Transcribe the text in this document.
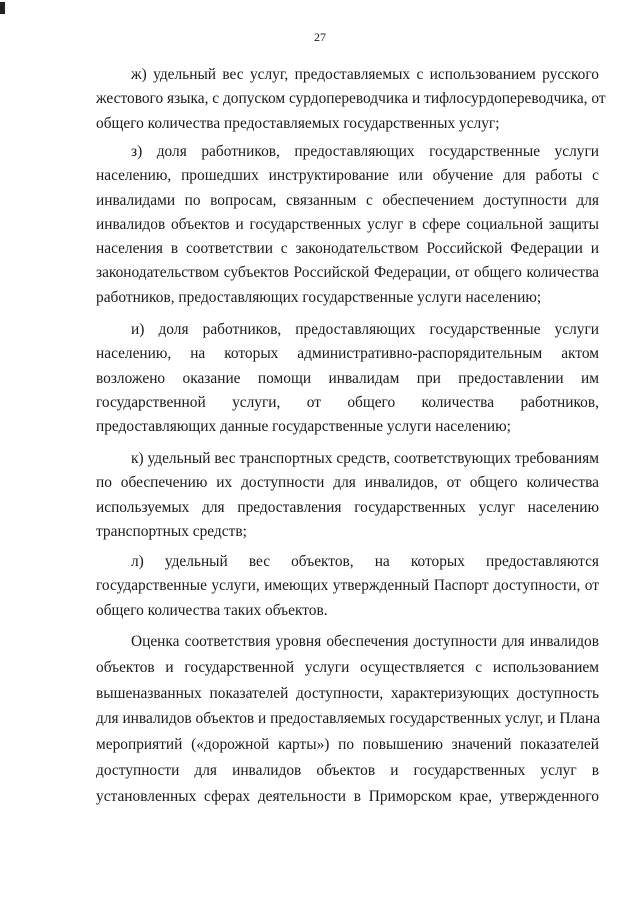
27
ж) удельный вес услуг, предоставляемых с использованием русского
жестового языка, с допуском сурдопереводчика и тифлосурдопереводчика, от
общего количества предоставляемых государственных услуг;
з) доля работников, предоставляющих государственные услуги
населению, прошедших инструктирование или обучение для работы с
инвалидами по вопросам, связанным с обеспечением доступности для
инвалидов объектов и государственных услуг в сфере социальной защиты
населения в соответствии с законодательством Российской Федерации и
законодательством субъектов Российской Федерации, от общего количества
работников, предоставляющих государственные услуги населению;
и) доля работников, предоставляющих государственные услуги
населению, на которых административно-распорядительным актом
возложено оказание помощи инвалидам при предоставлении им
государственной услуги, от общего количества работников,
предоставляющих данные государственные услуги населению;
к) удельный вес транспортных средств, соответствующих требованиям
по обеспечению их доступности для инвалидов, от общего количества
используемых для предоставления государственных услуг населению
транспортных средств;
л) удельный вес объектов, на которых предоставляются
государственные услуги, имеющих утвержденный Паспорт доступности, от
общего количества таких объектов.
Оценка соответствия уровня обеспечения доступности для инвалидов
объектов и государственной услуги осуществляется с использованием
вышеназванных показателей доступности, характеризующих доступность
для инвалидов объектов и предоставляемых государственных услуг, и Плана
мероприятий («дорожной карты») по повышению значений показателей
доступности для инвалидов объектов и государственных услуг в
установленных сферах деятельности в Приморском крае, утвержденного
